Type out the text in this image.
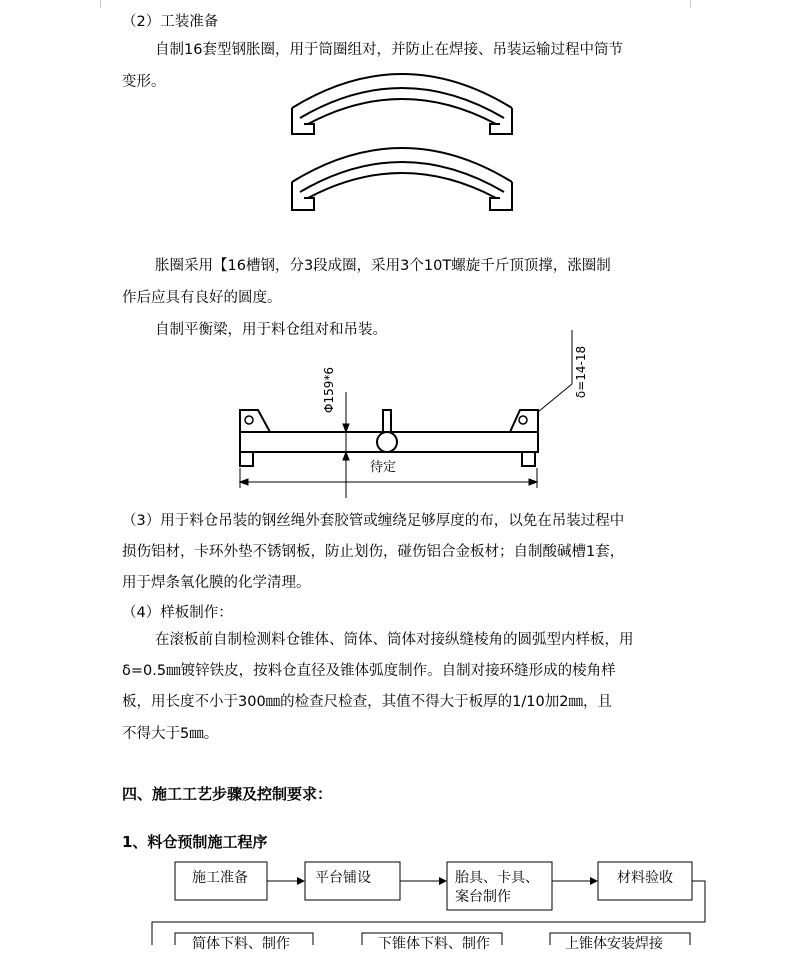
（2）工装准备
自制16套型钢胀圈，用于筒圈组对，并防止在焊接、吊装运输过程中筒节
变形。
胀圈采用【16槽钢，分3段成圈，采用3个10T螺旋千斤顶顶撑，涨圈制
作后应具有良好的圆度。
自制平衡梁，用于料仓组对和吊装。
Φ159*6	δ=14-18
待定
（3）用于料仓吊装的钢丝绳外套胶管或缠绕足够厚度的布，以免在吊装过程中
损伤铝材，卡环外垫不锈钢板，防止划伤，碰伤铝合金板材；自制酸碱槽1套，
用于焊条氧化膜的化学清理。
（4）样板制作：
在滚板前自制检测料仓锥体、筒体、筒体对接纵缝棱角的圆弧型内样板，用
δ=0.5㎜镀锌铁皮，按料仓直径及锥体弧度制作。自制对接环缝形成的棱角样
板，用长度不小于300㎜的检查尺检查，其值不得大于板厚的1/10加2㎜，且
不得大于5㎜。
四、施工工艺步骤及控制要求：
1、料仓预制施工程序
施工准备	平台铺设	胎具、卡具、
案台制作
材料验收
简体下料、制作	下锥体下料、制作	上锥体安装焊接
